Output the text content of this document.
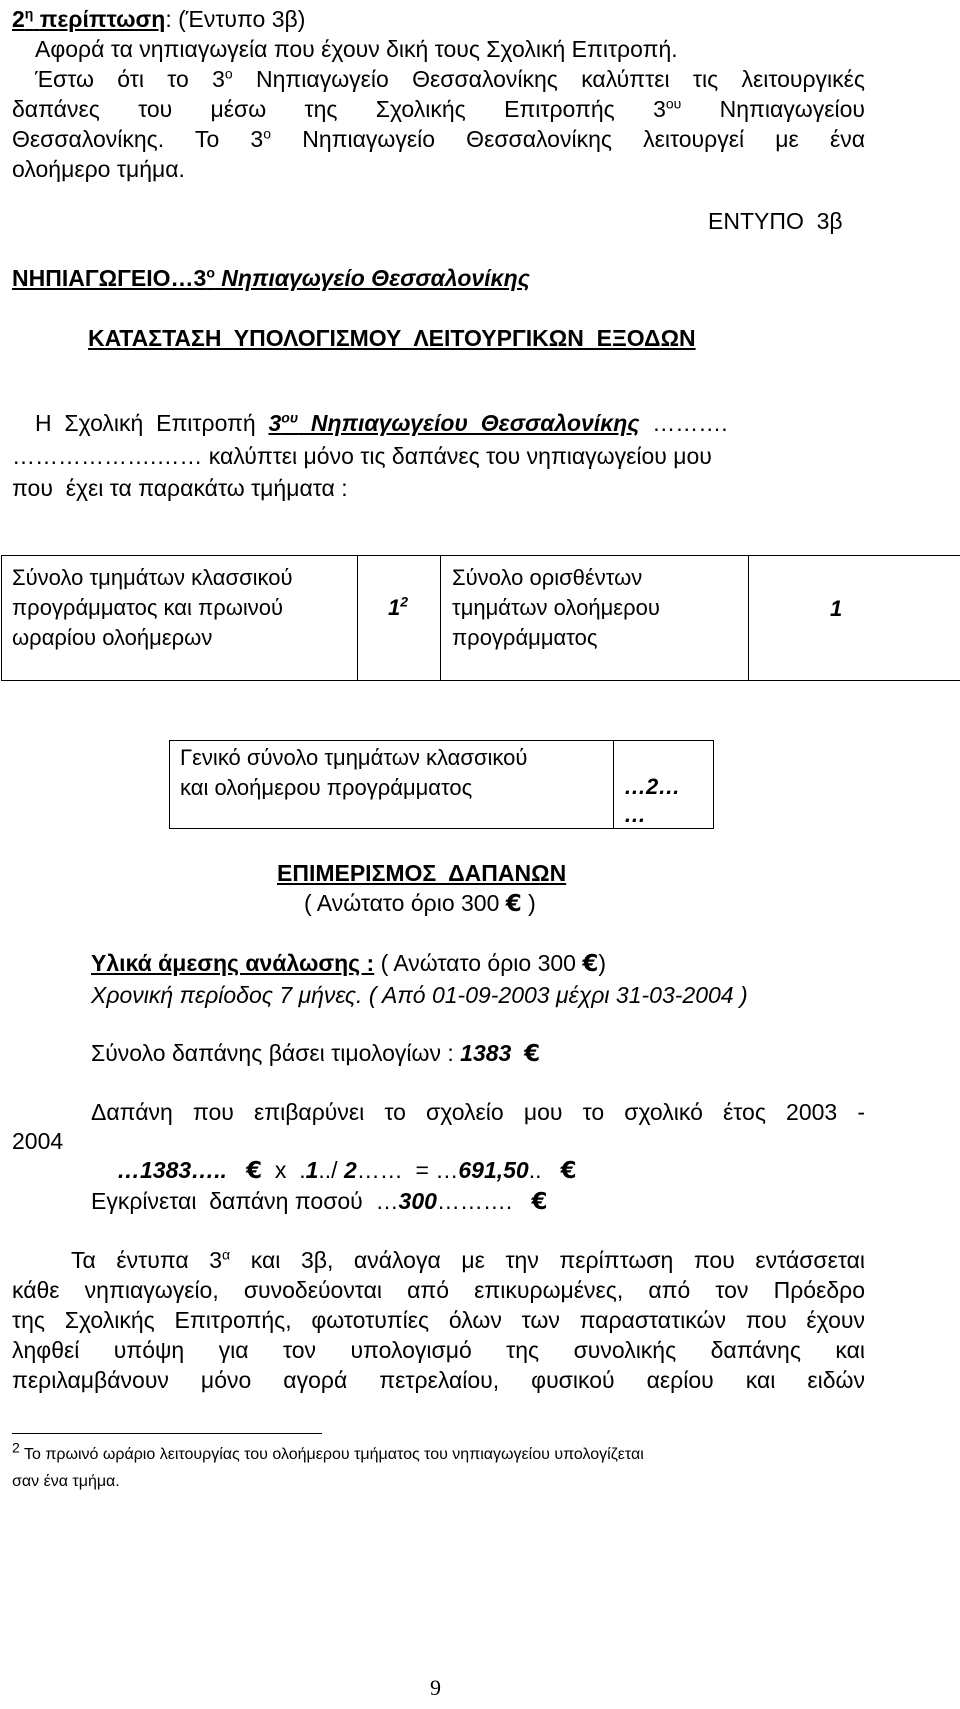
$2^\eta$ περίπτωση: (Έντυπο 3β)
Αφορά τα νηπιαγωγεία που έχουν δική τους Σχολική Επιτροπή.
Έστω ότι το $3^o$ Νηπιαγωγείο Θεσσαλονίκης καλύπτει τις λειτουργικές
δαπάνες του μέσω της Σχολικής Επιτροπής $3^{o\upsilon}$ Νηπιαγωγείου
Θεσσαλονίκης. Το $3^o$ Νηπιαγωγείο Θεσσαλονίκης λειτουργεί με ένα
ολοήμερο τμήμα.
ΕΝΤΥΠΟ  3β
$NH\Pi IA\Gamma\Omega\Gamma EIO\dots 3^o$ Νηπιαγωγείο Θεσσαλονίκης
ΚΑΤΑΣΤΑΣΗ  ΥΠΟΛΟΓΙΣΜΟΥ  ΛΕΙΤΟΥΡΓΙΚΩΝ  ΕΞΟΔΩΝ
Η  Σχολική  Επιτροπή  $3^{o\upsilon}$  Νηπιαγωγείου  Θεσσαλονίκης  ……….
……………….…… καλύπτει μόνο τις δαπάνες του νηπιαγωγείου μου
που  έχει τα παρακάτω τμήματα :
Σύνολο τμημάτων κλασσικού
προγράμματος και πρωινού
ωραρίου ολοήμερων
$1^2$
Σύνολο ορισθέντων
τμημάτων ολοήμερου
προγράμματος
1
Γενικό σύνολο τμημάτων κλασσικού
και ολοήμερου προγράμματος	…2…
…
ΕΠΙΜΕΡΙΣΜΟΣ  ΔΑΠΑΝΩΝ
( Ανώτατο όριο 300 € )
Υλικά άμεσης ανάλωσης : ( Ανώτατο όριο 300 €)
Χρονική περίοδος 7 μήνες. ( Από 01-09-2003 μέχρι 31-03-2004 )
Σύνολο δαπάνης βάσει τιμολογίων : 1383 €
Δαπάνη που επιβαρύνει το σχολείο μου το σχολικό έτος 2003 -
2004
…1383….. €  x  .1../ 2……  = …691,50.. €
Εγκρίνεται  δαπάνη ποσού  …300………. €
Τα έντυπα $3^\alpha$ και 3β, ανάλογα με την περίπτωση που εντάσσεται
κάθε νηπιαγωγείο, συνοδεύονται από επικυρωμένες, από τον Πρόεδρο
της Σχολικής Επιτροπής, φωτοτυπίες όλων των παραστατικών που έχουν
ληφθεί υπόψη για τον υπολογισμό της συνολικής δαπάνης και
περιλαμβάνουν μόνο αγορά πετρελαίου, φυσικού αερίου και ειδών
$^2$ Το πρωινό ωράριο λειτουργίας του ολοήμερου τμήματος του νηπιαγωγείου υπολογίζεται
σαν ένα τμήμα.
9
